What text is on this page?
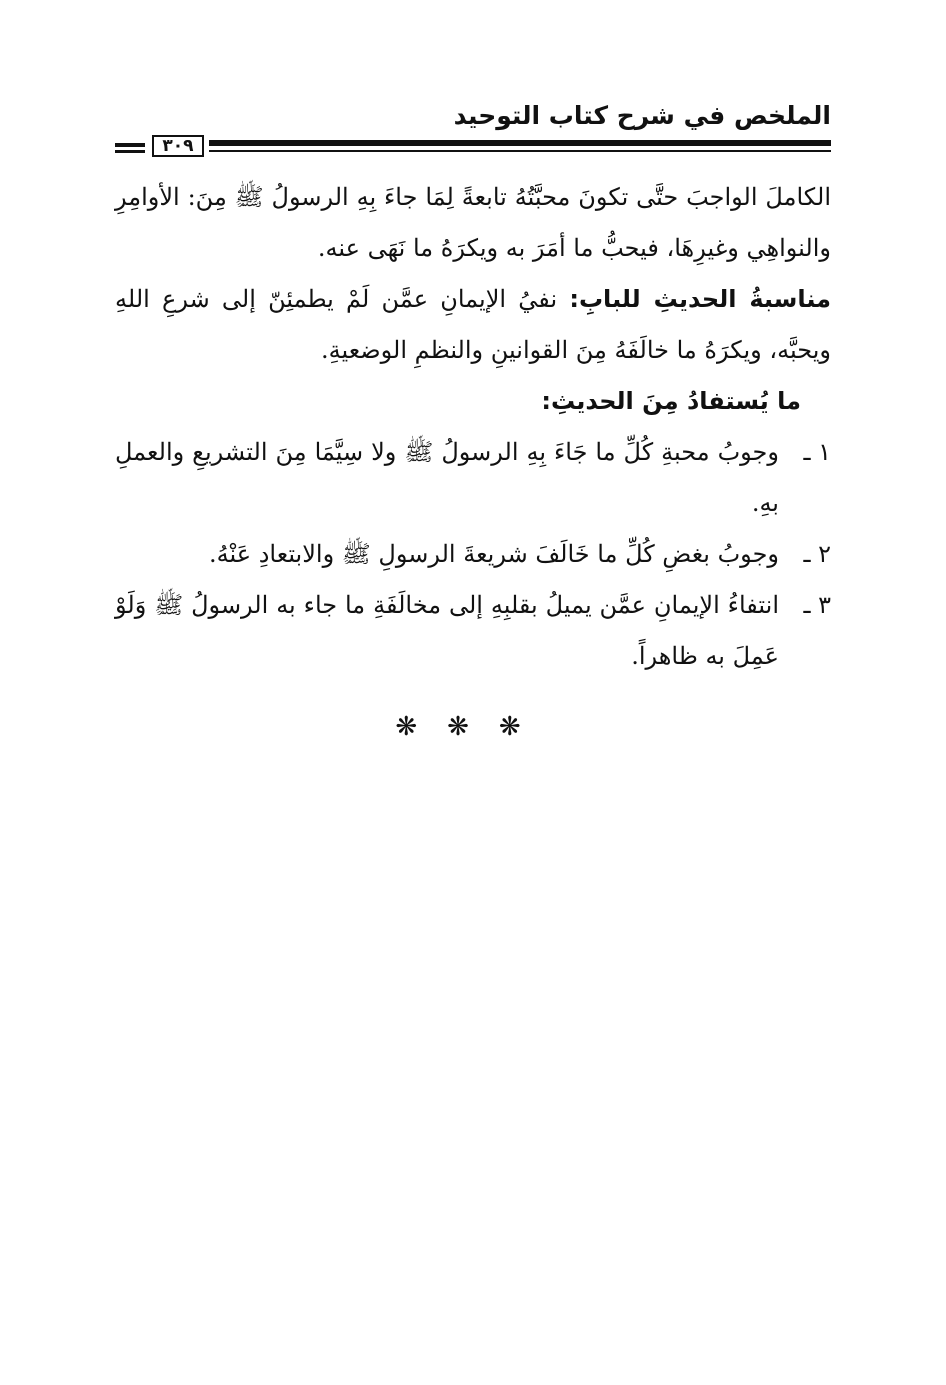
الملخص في شرح كتاب التوحيد
٣٠٩

الكاملَ الواجبَ حتَّى تكونَ محبَّتُهُ تابعةً لِمَا جاءَ بِهِ الرسولُ ﷺ مِنَ: الأوامِرِ والنواهِي وغيرِهَا، فيحبُّ ما أمَرَ به ويكرَهُ ما نَهَى عنه.

مناسبةُ الحديثِ للبابِ: نفيُ الإيمانِ عمَّن لَمْ يطمئِنّ إلى شرعِ اللهِ ويحبَّه، ويكرَهُ ما خالَفَهُ مِنَ القوانينِ والنظمِ الوضعيةِ.

ما يُستفادُ مِنَ الحديثِ:

١ ـ
وجوبُ محبةِ كُلِّ ما جَاءَ بِهِ الرسولُ ﷺ ولا سِيَّمَا مِنَ التشريعِ والعملِ بهِ.
٢ ـ
وجوبُ بغضِ كُلِّ ما خَالَفَ شريعةَ الرسولِ ﷺ والابتعادِ عَنْهُ.
٣ ـ
انتفاءُ الإيمانِ عمَّن يميلُ بقلبِهِ إلى مخالَفَةِ ما جاء به الرسولُ ﷺ وَلَوْ عَمِلَ به ظاهراً.
❋❋❋
